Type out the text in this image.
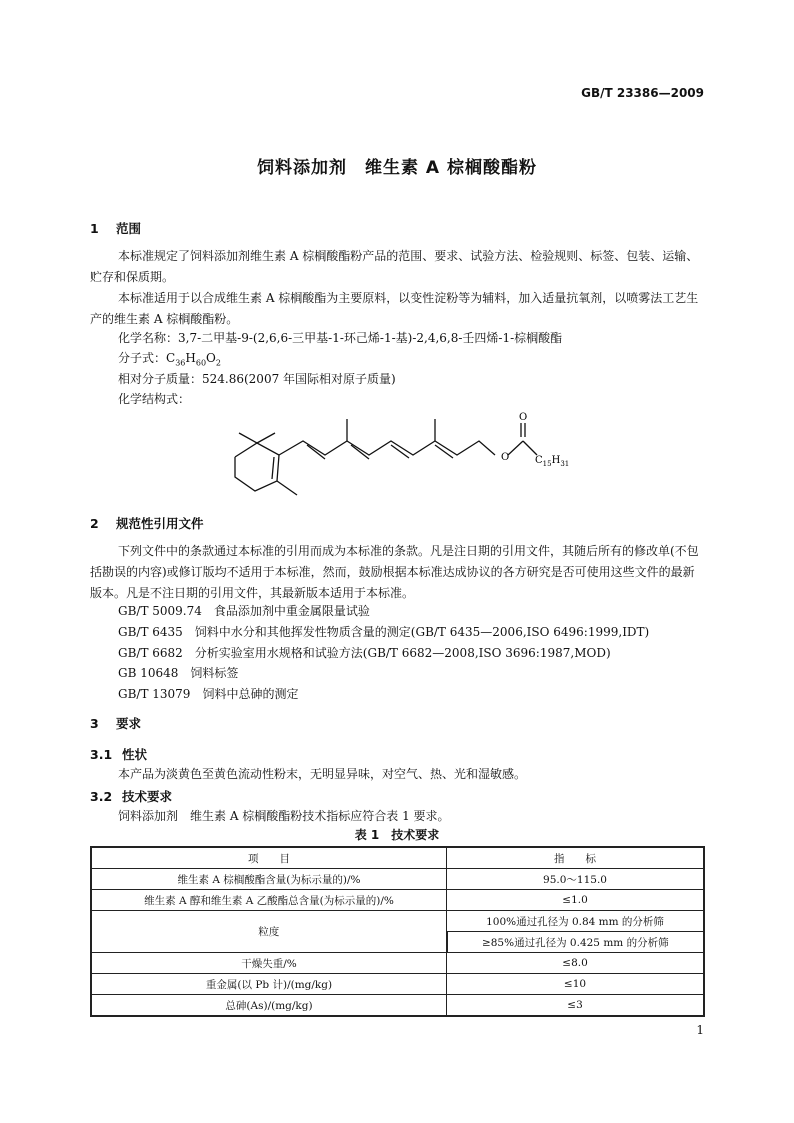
GB/T 23386—2009
饲料添加剂　维生素 A 棕榈酸酯粉
1 范围
本标准规定了饲料添加剂维生素 A 棕榈酸酯粉产品的范围、要求、试验方法、检验规则、标签、包装、运输、贮存和保质期。
本标准适用于以合成维生素 A 棕榈酸酯为主要原料，以变性淀粉等为辅料，加入适量抗氧剂，以喷雾法工艺生产的维生素 A 棕榈酸酯粉。
化学名称：3,7-二甲基-9-(2,6,6-三甲基-1-环己烯-1-基)-2,4,6,8-壬四烯-1-棕榈酸酯
分子式：$C_{36}H_{60}O_2$
相对分子质量：524.86(2007 年国际相对原子质量)
化学结构式：
O
O
$C_{15}H_{31}$
2 规范性引用文件
下列文件中的条款通过本标准的引用而成为本标准的条款。凡是注日期的引用文件，其随后所有的修改单(不包括勘误的内容)或修订版均不适用于本标准，然而，鼓励根据本标准达成协议的各方研究是否可使用这些文件的最新版本。凡是不注日期的引用文件，其最新版本适用于本标准。
GB/T 5009.74　食品添加剂中重金属限量试验
GB/T 6435　饲料中水分和其他挥发性物质含量的测定(GB/T 6435—2006,ISO 6496:1999,IDT)
GB/T 6682　分析实验室用水规格和试验方法(GB/T 6682—2008,ISO 3696:1987,MOD)
GB 10648　饲料标签
GB/T 13079　饲料中总砷的测定
3 要求
3.1 性状
本产品为淡黄色至黄色流动性粉末，无明显异味，对空气、热、光和湿敏感。
3.2 技术要求
饲料添加剂　维生素 A 棕榈酸酯粉技术指标应符合表 1 要求。
表 1　技术要求
项　　目	指　　标
维生素 A 棕榈酸酯含量(为标示量的)/%	95.0～115.0
维生素 A 醇和维生素 A 乙酸酯总含量(为标示量的)/%	≤1.0
粒度	100%通过孔径为 0.84 mm 的分析筛
	≥85%通过孔径为 0.425 mm 的分析筛
干燥失重/%	≤8.0
重金属(以 Pb 计)/(mg/kg)	≤10
总砷(As)/(mg/kg)	≤3
1
